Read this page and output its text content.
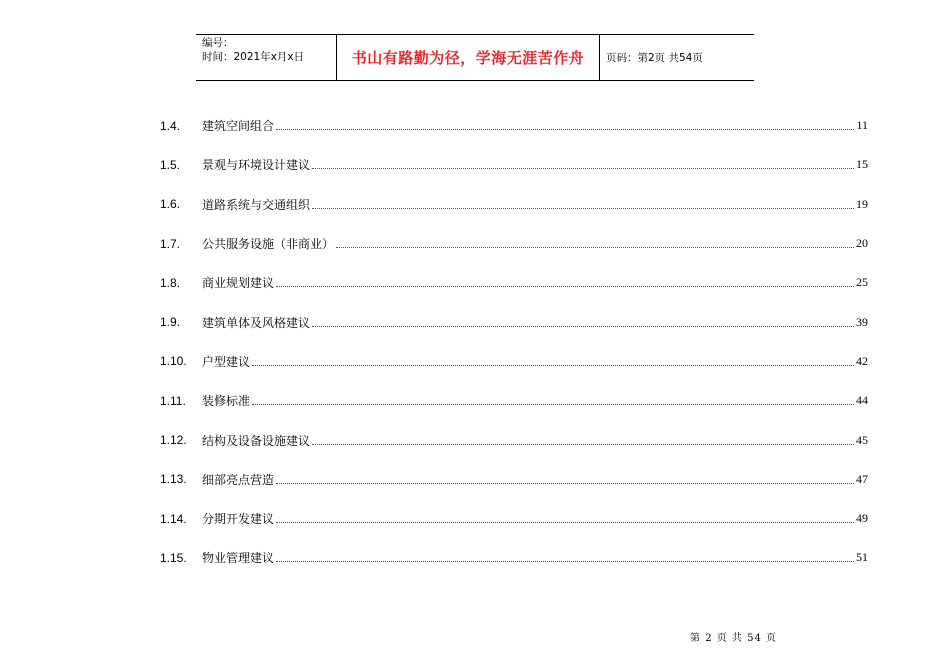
编号：
时间：2021年x月x日	书山有路勤为径，学海无涯苦作舟	页码：第2页 共54页
1.4.	建筑空间组合	11
1.5.	景观与环境设计建议	15
1.6.	道路系统与交通组织	19
1.7.	公共服务设施（非商业）	20
1.8.	商业规划建议	25
1.9.	建筑单体及风格建议	39
1.10.	户型建议	42
1.11.	装修标准	44
1.12.	结构及设备设施建议	45
1.13.	细部亮点营造	47
1.14.	分期开发建议	49
1.15.	物业管理建议	51
第 2 页 共 54 页
